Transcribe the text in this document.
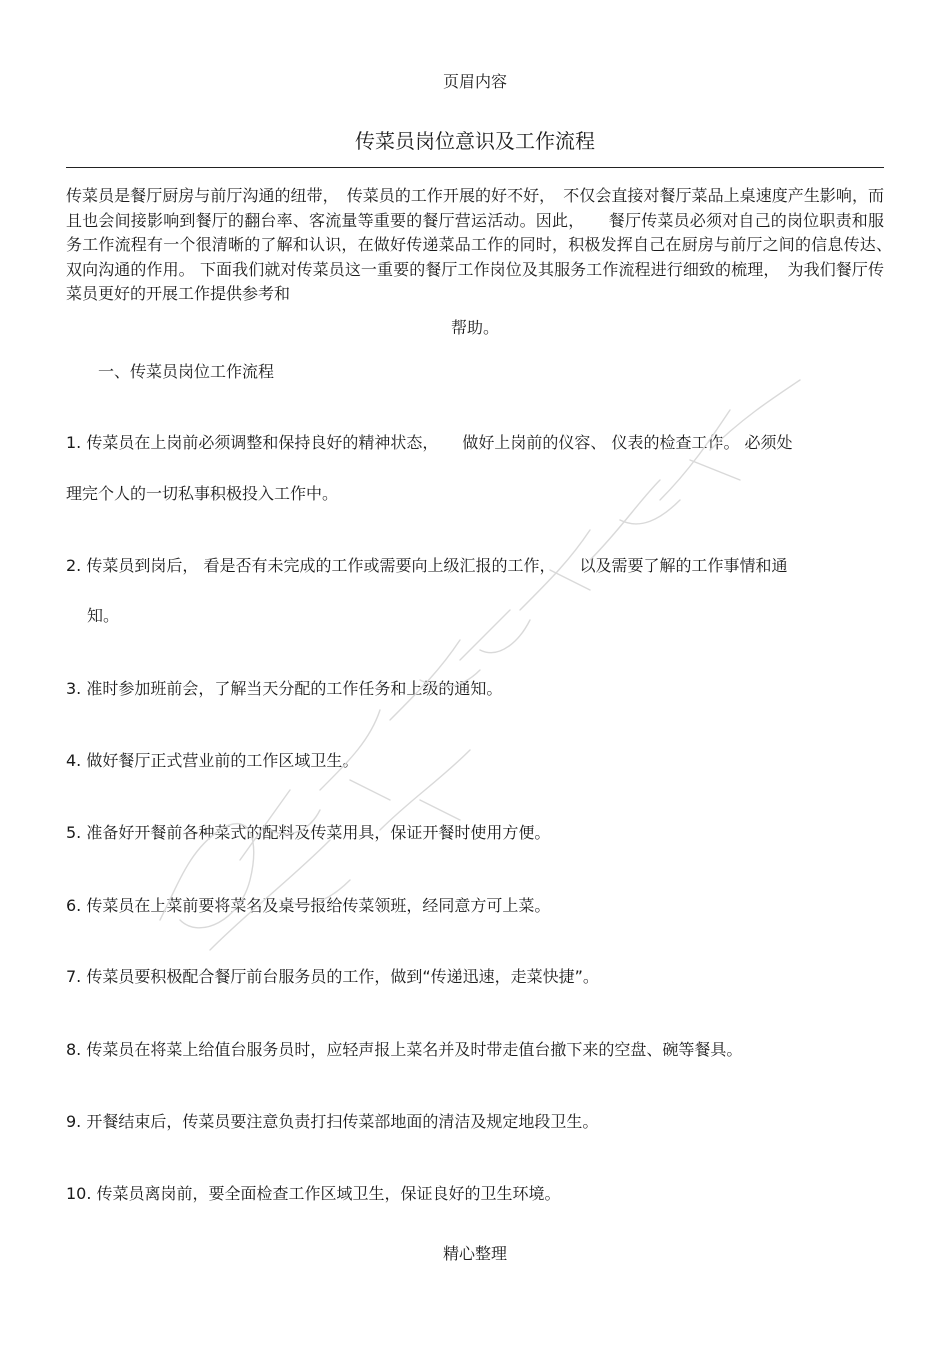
页眉内容
传菜员岗位意识及工作流程
传菜员是餐厅厨房与前厅沟通的纽带，　传菜员的工作开展的好不好，　不仅会直接对餐厅菜品上桌速度产生影响，而且也会间接影响到餐厅的翻台率、客流量等重要的餐厅营运活动。因此，　　餐厅传菜员必须对自己的岗位职责和服务工作流程有一个很清晰的了解和认识，在做好传递菜品工作的同时，积极发挥自己在厨房与前厅之间的信息传达、　双向沟通的作用。 下面我们就对传菜员这一重要的餐厅工作岗位及其服务工作流程进行细致的梳理，　为我们餐厅传菜员更好的开展工作提供参考和
帮助。
一、传菜员岗位工作流程
1. 传菜员在上岗前必须调整和保持良好的精神状态，　　做好上岗前的仪容、 仪表的检查工作。 必须处
理完个人的一切私事积极投入工作中。
2. 传菜员到岗后， 看是否有未完成的工作或需要向上级汇报的工作，　　以及需要了解的工作事情和通
知。
3. 准时参加班前会，了解当天分配的工作任务和上级的通知。
4. 做好餐厅正式营业前的工作区域卫生。
5. 准备好开餐前各种菜式的配料及传菜用具，保证开餐时使用方便。
6. 传菜员在上菜前要将菜名及桌号报给传菜领班，经同意方可上菜。
7. 传菜员要积极配合餐厅前台服务员的工作，做到“传递迅速，走菜快捷”。
8. 传菜员在将菜上给值台服务员时，应轻声报上菜名并及时带走值台撤下来的空盘、碗等餐具。
9. 开餐结束后，传菜员要注意负责打扫传菜部地面的清洁及规定地段卫生。
10. 传菜员离岗前，要全面检查工作区域卫生，保证良好的卫生环境。
精心整理
